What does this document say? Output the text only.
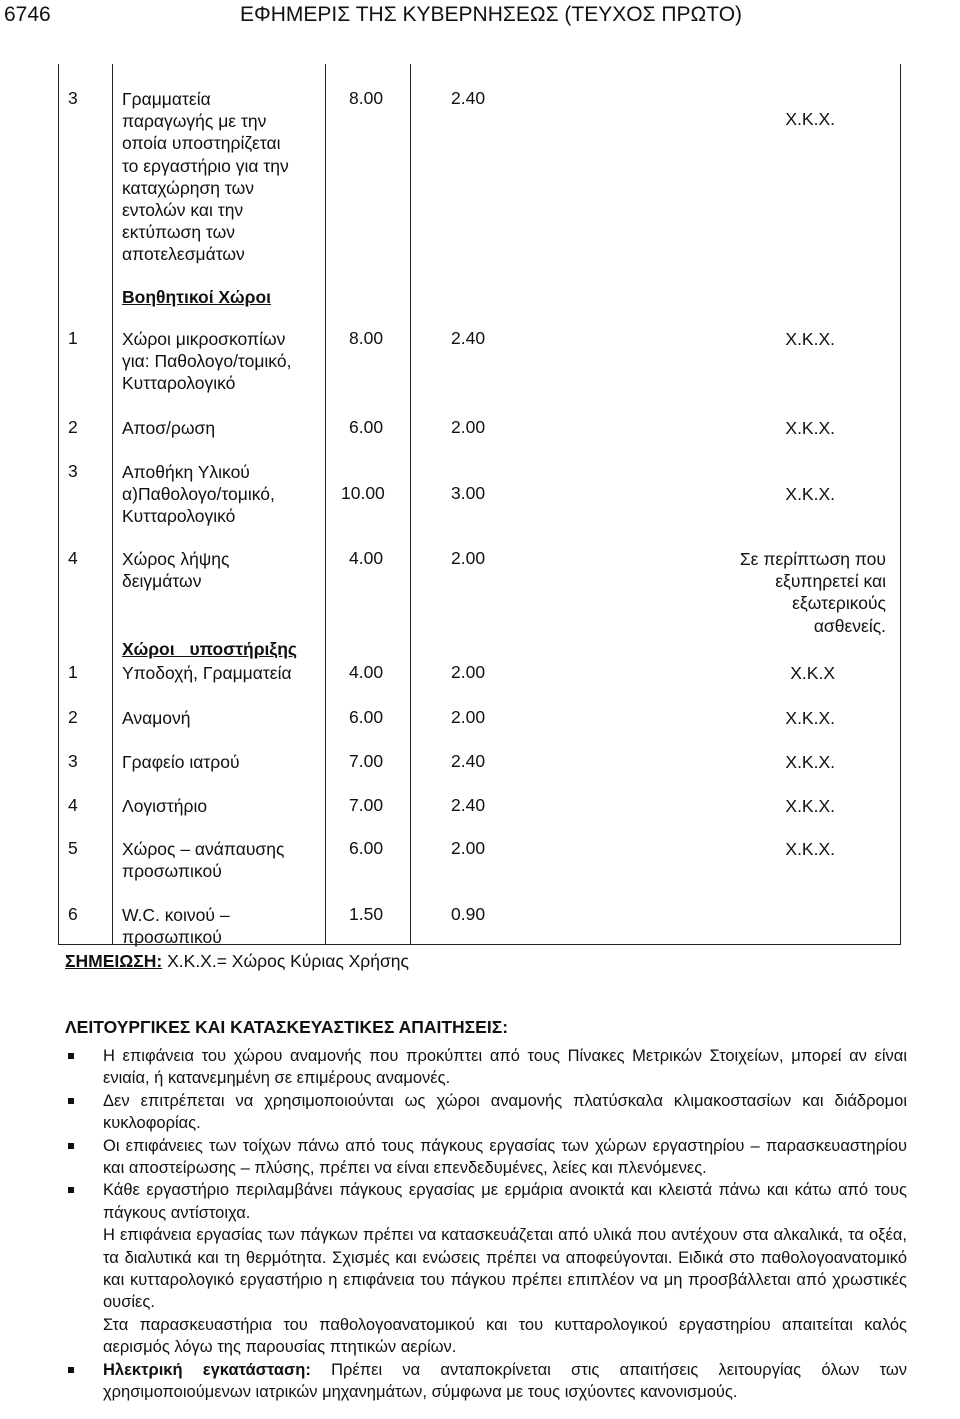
6746	ΕΦΗΜΕΡΙΣ ΤΗΣ ΚΥΒΕΡΝΗΣΕΩΣ (ΤΕΥΧΟΣ ΠΡΩΤΟ)
Βοηθητικοί Χώροι
Χώροι υποστήριξης
3	Γραμματεία
παραγωγής με την
οποία υποστηρίζεται
το εργαστήριο για την
καταχώρηση των
εντολών και την
εκτύπωση των
αποτελεσμάτων
8.00	2.40
Χ.Κ.Χ.
1	Χώροι μικροσκοπίων
για: Παθολογο/τομικό,
Κυτταρολογικό
8.00	2.40	Χ.Κ.Χ.
2	Αποσ/ρωση	6.00	2.00	Χ.Κ.Χ.
3	Αποθήκη Υλικού
α)Παθολογο/τομικό,
Κυτταρολογικό
10.00	3.00	Χ.Κ.Χ.
4	Χώρος λήψης
δειγμάτων
4.00	2.00	Σε περίπτωση που
εξυπηρετεί και
εξωτερικούς
ασθενείς.
1	Υποδοχή, Γραμματεία	4.00	2.00	Χ.Κ.Χ
2	Αναμονή	6.00	2.00	Χ.Κ.Χ.
3	Γραφείο ιατρού	7.00	2.40	Χ.Κ.Χ.
4	Λογιστήριο	7.00	2.40	Χ.Κ.Χ.
5	Χώρος – ανάπαυσης
προσωπικού
6.00	2.00	Χ.Κ.Χ.
6	W.C. κοινού –
προσωπικού
1.50	0.90
ΣΗΜΕΙΩΣΗ: Χ.Κ.Χ.= Χώρος Κύριας Χρήσης
ΛΕΙΤΟΥΡΓΙΚΕΣ ΚΑΙ ΚΑΤΑΣΚΕΥΑΣΤΙΚΕΣ ΑΠΑΙΤΗΣΕΙΣ:
Η επιφάνεια του χώρου αναμονής που προκύπτει από τους Πίνακες Μετρικών Στοιχείων, μπορεί αν είναι ενιαία, ή κατανεμημένη σε επιμέρους αναμονές.
Δεν επιτρέπεται να χρησιμοποιούνται ως χώροι αναμονής πλατύσκαλα κλιμακοστασίων και διάδρομοι κυκλοφορίας.
Οι επιφάνειες των τοίχων πάνω από τους πάγκους εργασίας των χώρων εργαστηρίου – παρασκευαστηρίου και αποστείρωσης – πλύσης, πρέπει να είναι επενδεδυμένες, λείες και πλενόμενες.
Κάθε εργαστήριο περιλαμβάνει πάγκους εργασίας με ερμάρια ανοικτά και κλειστά πάνω και κάτω από τους πάγκους αντίστοιχα.
Η επιφάνεια εργασίας των πάγκων πρέπει να κατασκευάζεται από υλικά που αντέχουν στα αλκαλικά, τα οξέα, τα διαλυτικά και τη θερμότητα. Σχισμές και ενώσεις πρέπει να αποφεύγονται. Ειδικά στο παθολογοανατομικό και κυτταρολογικό εργαστήριο η επιφάνεια του πάγκου πρέπει επιπλέον να μη προσβάλλεται από χρωστικές ουσίες.
Στα παρασκευαστήρια του παθολογοανατομικού και του κυτταρολογικού εργαστηρίου απαιτείται καλός αερισμός λόγω της παρουσίας πτητικών αερίων.
Ηλεκτρική εγκατάσταση: Πρέπει να ανταποκρίνεται στις απαιτήσεις λειτουργίας όλων των χρησιμοποιούμενων ιατρικών μηχανημάτων, σύμφωνα με τους ισχύοντες κανονισμούς.
